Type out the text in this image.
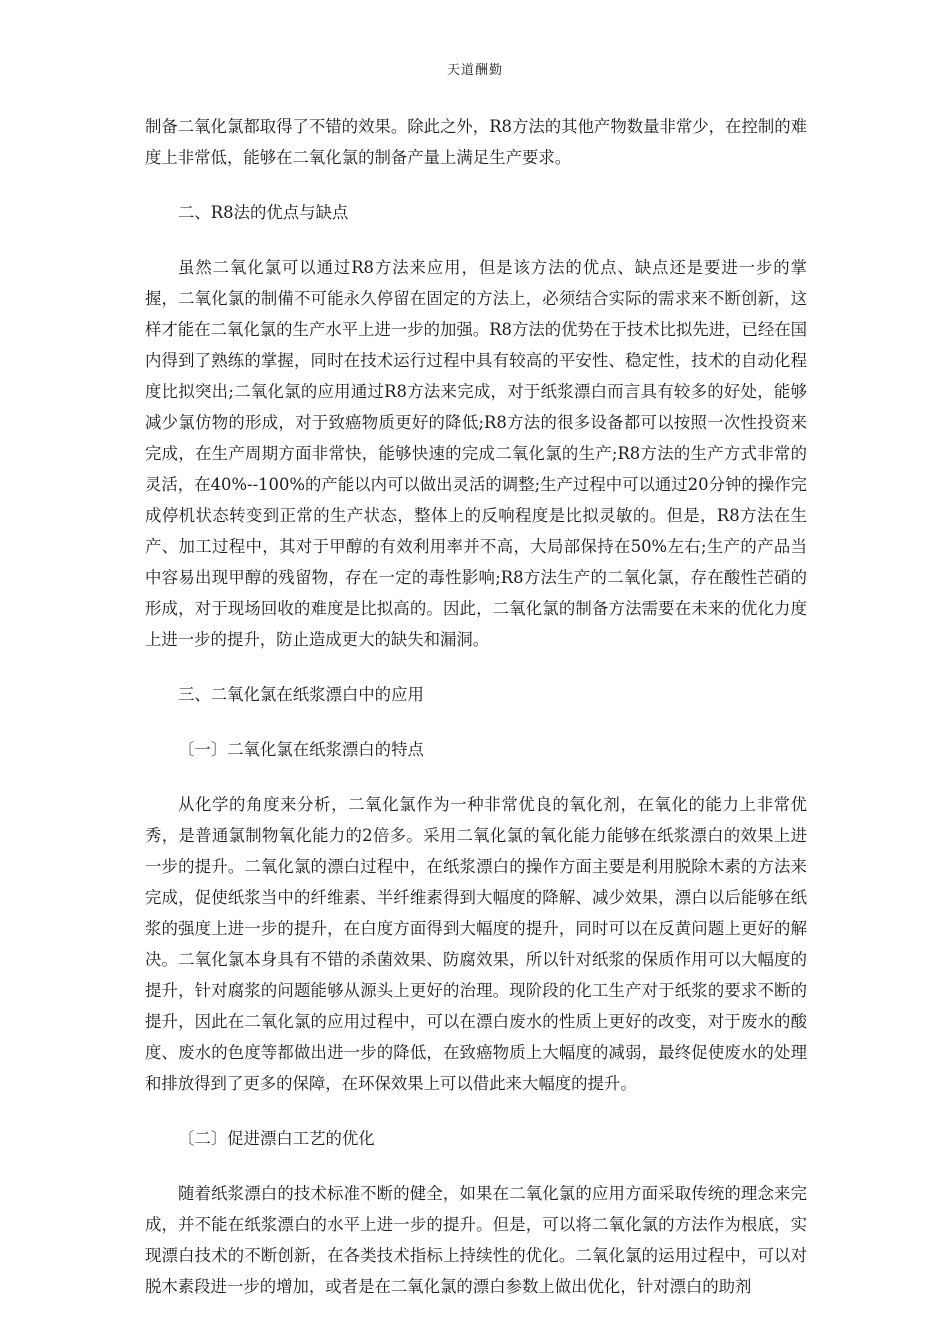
天道酬勤

制备二氧化氯都取得了不错的效果。除此之外，R8方法的其他产物数量非常少，在控制的难度上非常低，能够在二氧化氯的制备产量上满足生产要求。

二、R8法的优点与缺点

虽然二氧化氯可以通过R8方法来应用，但是该方法的优点、缺点还是要进一步的掌握，二氧化氯的制備不可能永久停留在固定的方法上，必须结合实际的需求来不断创新，这样才能在二氧化氯的生产水平上进一步的加强。R8方法的优势在于技术比拟先进，已经在国内得到了熟练的掌握，同时在技术运行过程中具有较高的平安性、稳定性，技术的自动化程度比拟突出;二氧化氯的应用通过R8方法来完成，对于纸浆漂白而言具有较多的好处，能够减少氯仿物的形成，对于致癌物质更好的降低;R8方法的很多设备都可以按照一次性投资来完成，在生产周期方面非常快，能够快速的完成二氧化氯的生产;R8方法的生产方式非常的灵活，在40%--100%的产能以内可以做出灵活的调整;生产过程中可以通过20分钟的操作完成停机状态转变到正常的生产状态，整体上的反响程度是比拟灵敏的。但是，R8方法在生产、加工过程中，其对于甲醇的有效利用率并不高，大局部保持在50%左右;生产的产品当中容易出现甲醇的残留物，存在一定的毒性影响;R8方法生产的二氧化氯，存在酸性芒硝的形成，对于现场回收的难度是比拟高的。因此，二氧化氯的制备方法需要在未来的优化力度上进一步的提升，防止造成更大的缺失和漏洞。

三、二氧化氯在纸浆漂白中的应用

〔一〕二氧化氯在纸浆漂白的特点

从化学的角度来分析，二氧化氯作为一种非常优良的氧化剂，在氧化的能力上非常优秀，是普通氯制物氧化能力的2倍多。采用二氧化氯的氧化能力能够在纸浆漂白的效果上进一步的提升。二氧化氯的漂白过程中，在纸浆漂白的操作方面主要是利用脱除木素的方法来完成，促使纸浆当中的纤维素、半纤维素得到大幅度的降解、减少效果，漂白以后能够在纸浆的强度上进一步的提升，在白度方面得到大幅度的提升，同时可以在反黄问题上更好的解决。二氧化氯本身具有不错的杀菌效果、防腐效果，所以针对纸浆的保质作用可以大幅度的提升，针对腐浆的问题能够从源头上更好的治理。现阶段的化工生产对于纸浆的要求不断的提升，因此在二氧化氯的应用过程中，可以在漂白废水的性质上更好的改变，对于废水的酸度、废水的色度等都做出进一步的降低，在致癌物质上大幅度的减弱，最终促使废水的处理和排放得到了更多的保障，在环保效果上可以借此来大幅度的提升。

〔二〕促进漂白工艺的优化

随着纸浆漂白的技术标准不断的健全，如果在二氧化氯的应用方面采取传统的理念来完成，并不能在纸浆漂白的水平上进一步的提升。但是，可以将二氧化氯的方法作为根底，实现漂白技术的不断创新，在各类技术指标上持续性的优化。二氧化氯的运用过程中，可以对脱木素段进一步的增加，或者是在二氧化氯的漂白参数上做出优化，针对漂白的助剂
